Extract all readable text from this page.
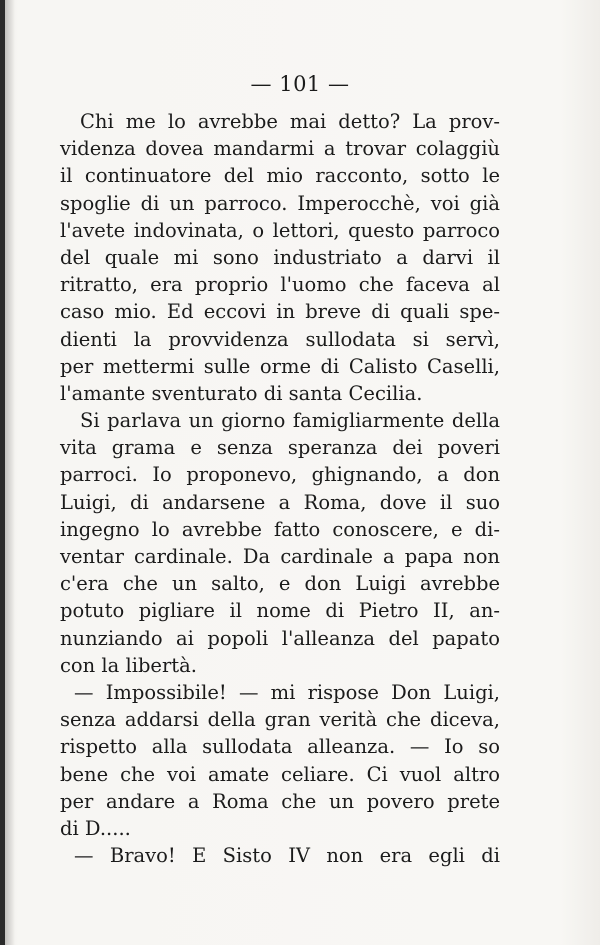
— 101 —
Chi me lo avrebbe mai detto? La prov-
videnza dovea mandarmi a trovar colaggiù
il continuatore del mio racconto, sotto le
spoglie di un parroco. Imperocchè, voi già
l'avete indovinata, o lettori, questo parroco
del quale mi sono industriato a darvi il
ritratto, era proprio l'uomo che faceva al
caso mio. Ed eccovi in breve di quali spe-
dienti la provvidenza sullodata si servì,
per mettermi sulle orme di Calisto Caselli,
l'amante sventurato di santa Cecilia.
Si parlava un giorno famigliarmente della
vita grama e senza speranza dei poveri
parroci. Io proponevo, ghignando, a don
Luigi, di andarsene a Roma, dove il suo
ingegno lo avrebbe fatto conoscere, e di-
ventar cardinale. Da cardinale a papa non
c'era che un salto, e don Luigi avrebbe
potuto pigliare il nome di Pietro II, an-
nunziando ai popoli l'alleanza del papato
con la libertà.
— Impossibile! — mi rispose Don Luigi,
senza addarsi della gran verità che diceva,
rispetto alla sullodata alleanza. — Io so
bene che voi amate celiare. Ci vuol altro
per andare a Roma che un povero prete
di D.....
— Bravo! E Sisto IV non era egli di
